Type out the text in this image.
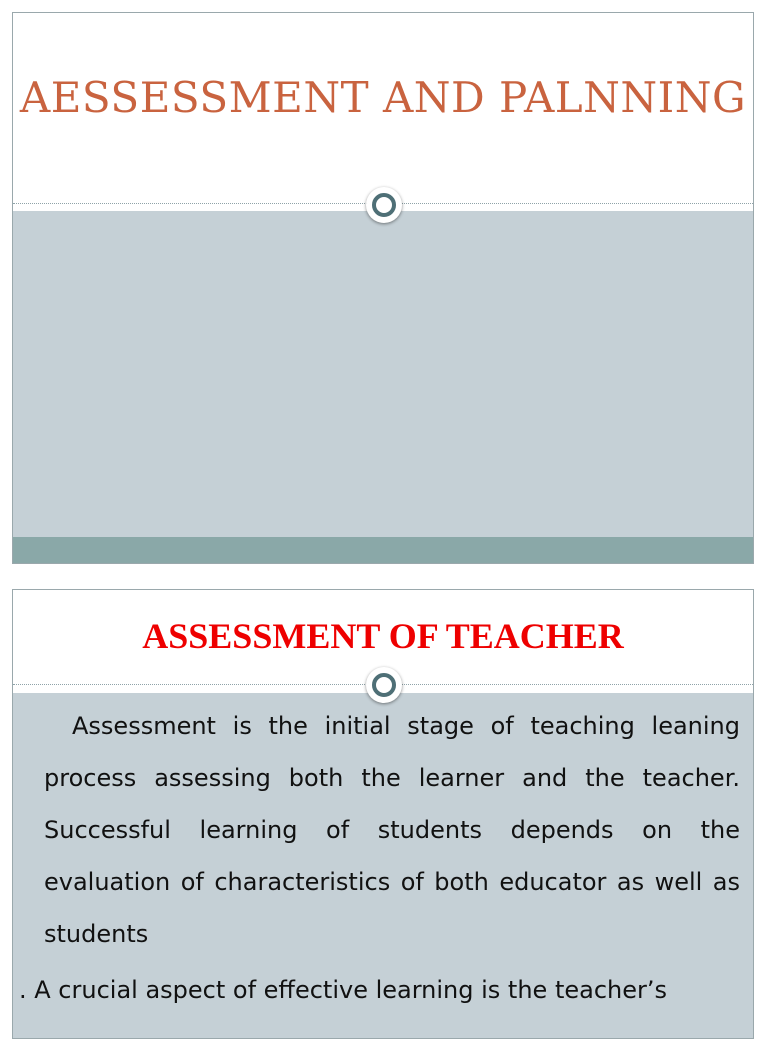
AESSESSMENT AND PALNNING
ASSESSMENT OF TEACHER

Assessment is the initial stage of teaching leaning process assessing both the learner and the teacher. Successful learning of students depends on the evaluation of characteristics of both educator as well as students

. A crucial aspect of effective learning is the teacher’s
